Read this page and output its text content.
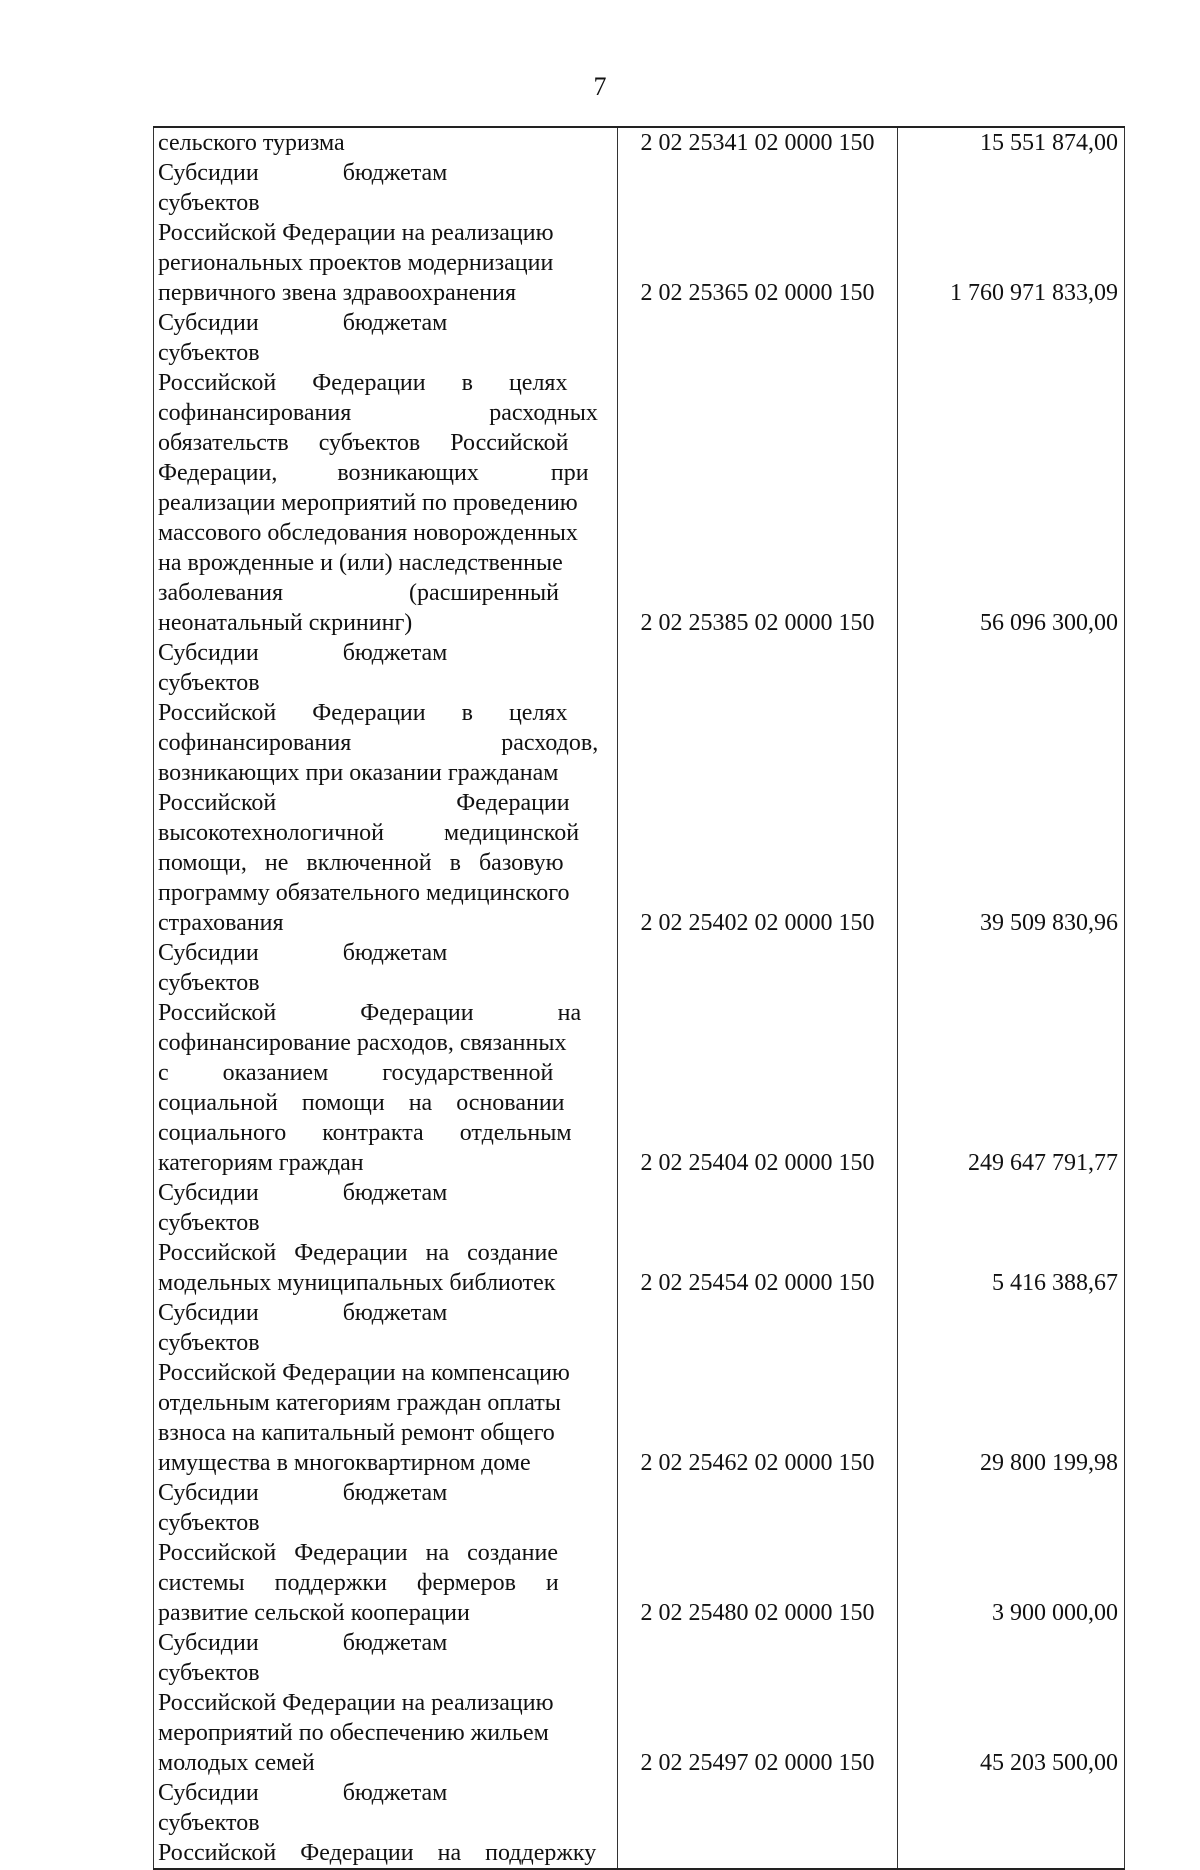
7
сельского туризма	2 02 25341 02 0000 150	15 551 874,00
Субсидии              бюджетам              субъектов
Российской Федерации на реализацию
региональных проектов модернизации
первичного звена здравоохранения	2 02 25365 02 0000 150	1 760 971 833,09
Субсидии              бюджетам              субъектов
Российской      Федерации      в      целях
софинансирования                       расходных
обязательств     субъектов     Российской
Федерации,          возникающих            при
реализации мероприятий по проведению
массового обследования новорожденных
на врожденные и (или) наследственные
заболевания                     (расширенный
неонатальный скрининг)	2 02 25385 02 0000 150	56 096 300,00
Субсидии              бюджетам              субъектов
Российской      Федерации      в      целях
софинансирования                         расходов,
возникающих при оказании гражданам
Российской                              Федерации
высокотехнологичной          медицинской
помощи,   не   включенной   в   базовую
программу обязательного медицинского
страхования	2 02 25402 02 0000 150	39 509 830,96
Субсидии              бюджетам              субъектов
Российской              Федерации              на
софинансирование расходов, связанных
с         оказанием         государственной
социальной    помощи    на    основании
социального      контракта      отдельным
категориям граждан	2 02 25404 02 0000 150	249 647 791,77
Субсидии              бюджетам              субъектов
Российской   Федерации   на   создание
модельных муниципальных библиотек	2 02 25454 02 0000 150	5 416 388,67
Субсидии              бюджетам              субъектов
Российской Федерации на компенсацию
отдельным категориям граждан оплаты
взноса на капитальный ремонт общего
имущества в многоквартирном доме	2 02 25462 02 0000 150	29 800 199,98
Субсидии              бюджетам              субъектов
Российской   Федерации   на   создание
системы     поддержки     фермеров     и
развитие сельской кооперации	2 02 25480 02 0000 150	3 900 000,00
Субсидии              бюджетам              субъектов
Российской Федерации на реализацию
мероприятий по обеспечению жильем
молодых семей	2 02 25497 02 0000 150	45 203 500,00
Субсидии              бюджетам              субъектов
Российской    Федерации    на    поддержку
